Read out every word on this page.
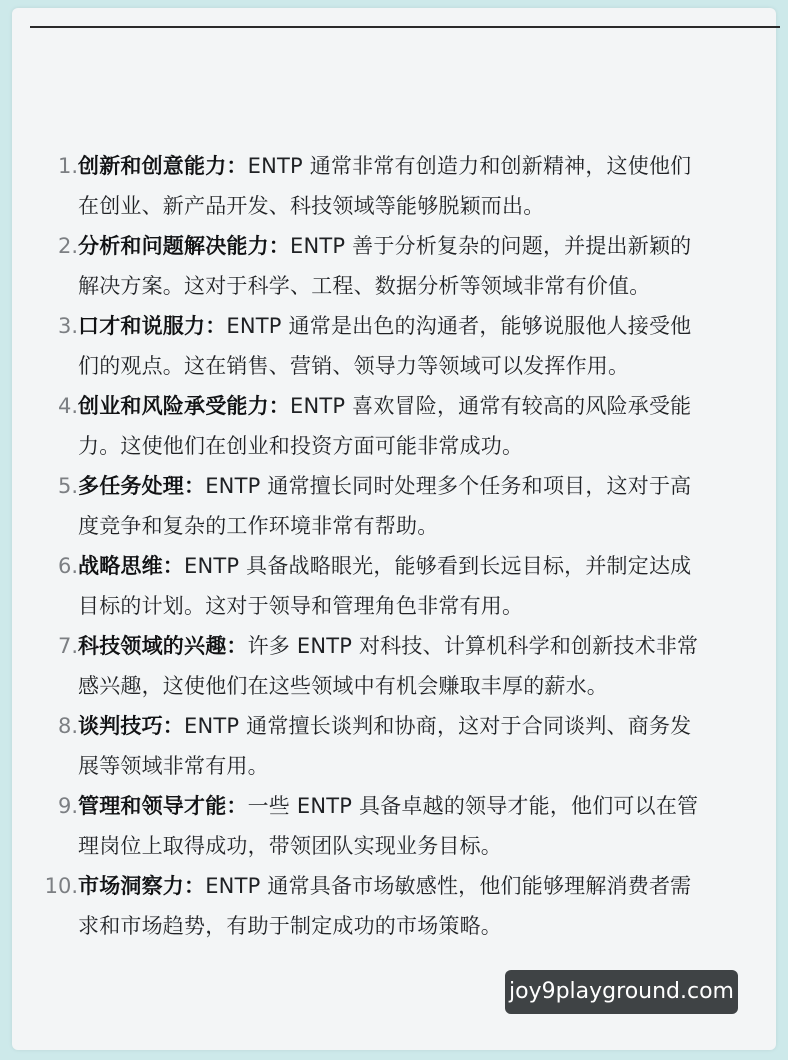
1. 创新和创意能力：ENTP 通常非常有创造力和创新精神，这使他们
在创业、新产品开发、科技领域等能够脱颖而出。
2. 分析和问题解决能力：ENTP 善于分析复杂的问题，并提出新颖的
解决方案。这对于科学、工程、数据分析等领域非常有价值。
3. 口才和说服力：ENTP 通常是出色的沟通者，能够说服他人接受他
们的观点。这在销售、营销、领导力等领域可以发挥作用。
4. 创业和风险承受能力：ENTP 喜欢冒险，通常有较高的风险承受能
力。这使他们在创业和投资方面可能非常成功。
5. 多任务处理：ENTP 通常擅长同时处理多个任务和项目，这对于高
度竞争和复杂的工作环境非常有帮助。
6. 战略思维：ENTP 具备战略眼光，能够看到长远目标，并制定达成
目标的计划。这对于领导和管理角色非常有用。
7. 科技领域的兴趣：许多 ENTP 对科技、计算机科学和创新技术非常
感兴趣，这使他们在这些领域中有机会赚取丰厚的薪水。
8. 谈判技巧：ENTP 通常擅长谈判和协商，这对于合同谈判、商务发
展等领域非常有用。
9. 管理和领导才能：一些 ENTP 具备卓越的领导才能，他们可以在管
理岗位上取得成功，带领团队实现业务目标。
10. 市场洞察力：ENTP 通常具备市场敏感性，他们能够理解消费者需
求和市场趋势，有助于制定成功的市场策略。
joy9playground.com
